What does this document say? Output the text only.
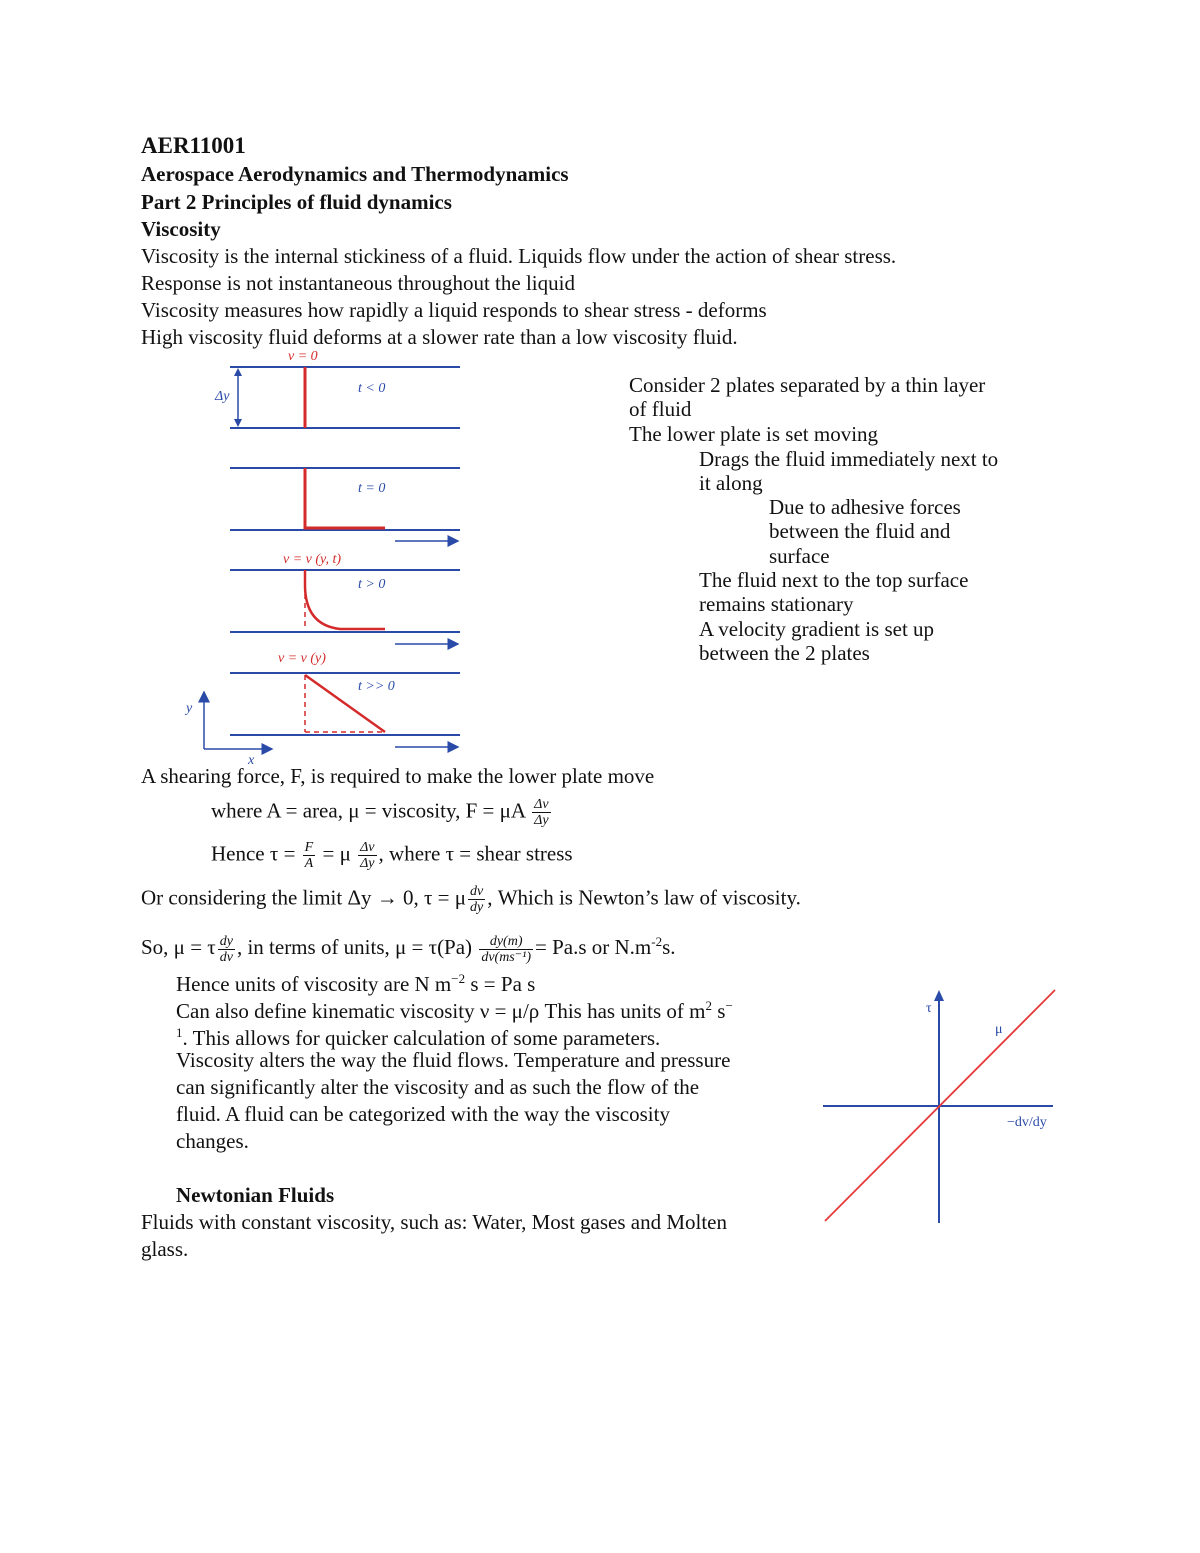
AER11001
Aerospace Aerodynamics and Thermodynamics
Part 2 Principles of fluid dynamics
Viscosity
Viscosity is the internal stickiness of a fluid. Liquids flow under the action of shear stress.
Response is not instantaneous throughout the liquid
Viscosity measures how rapidly a liquid responds to shear stress - deforms
High viscosity fluid deforms at a slower rate than a low viscosity fluid.
v = 0
Δy
t < 0
t = 0
v = v (y, t)
t > 0
v = v (y)
t >> 0
y
x
Consider 2 plates separated by a thin layer
of fluid
The lower plate is set moving
Drags the fluid immediately next to
it along
Due to adhesive forces
between the fluid and
surface
The fluid next to the top surface
remains stationary
A velocity gradient is set up
between the 2 plates
A shearing force, F, is required to make the lower plate move
where A = area, μ = viscosity, F = μA $\frac{\Delta v}{\Delta y}$
Hence $\tau = \frac{F}{A} = \mu \frac{\Delta v}{\Delta y}$ , where τ = shear stress
Or considering the limit Δy → 0, τ = μ $\frac{dv}{dy}$ , Which is Newton’s law of viscosity.
So, μ = τ $\frac{dy}{dv}$ , in terms of units, $\mu = \tau(Pa) \frac{dy(m)}{\text{dv(ms⁻¹)}} = Pa.s$ or $N.m^{-2}s$.
Hence units of viscosity are N $m^{-2}$ s = Pa s
Can also define kinematic viscosity ν = μ/ρ This has units of $m^2$ s−
$^1$. This allows for quicker calculation of some parameters.
Viscosity alters the way the fluid flows. Temperature and pressure
can significantly alter the viscosity and as such the flow of the
fluid. A fluid can be categorized with the way the viscosity
changes.
Newtonian Fluids
Fluids with constant viscosity, such as: Water, Most gases and Molten
glass.
τ
μ
−dv/dy
